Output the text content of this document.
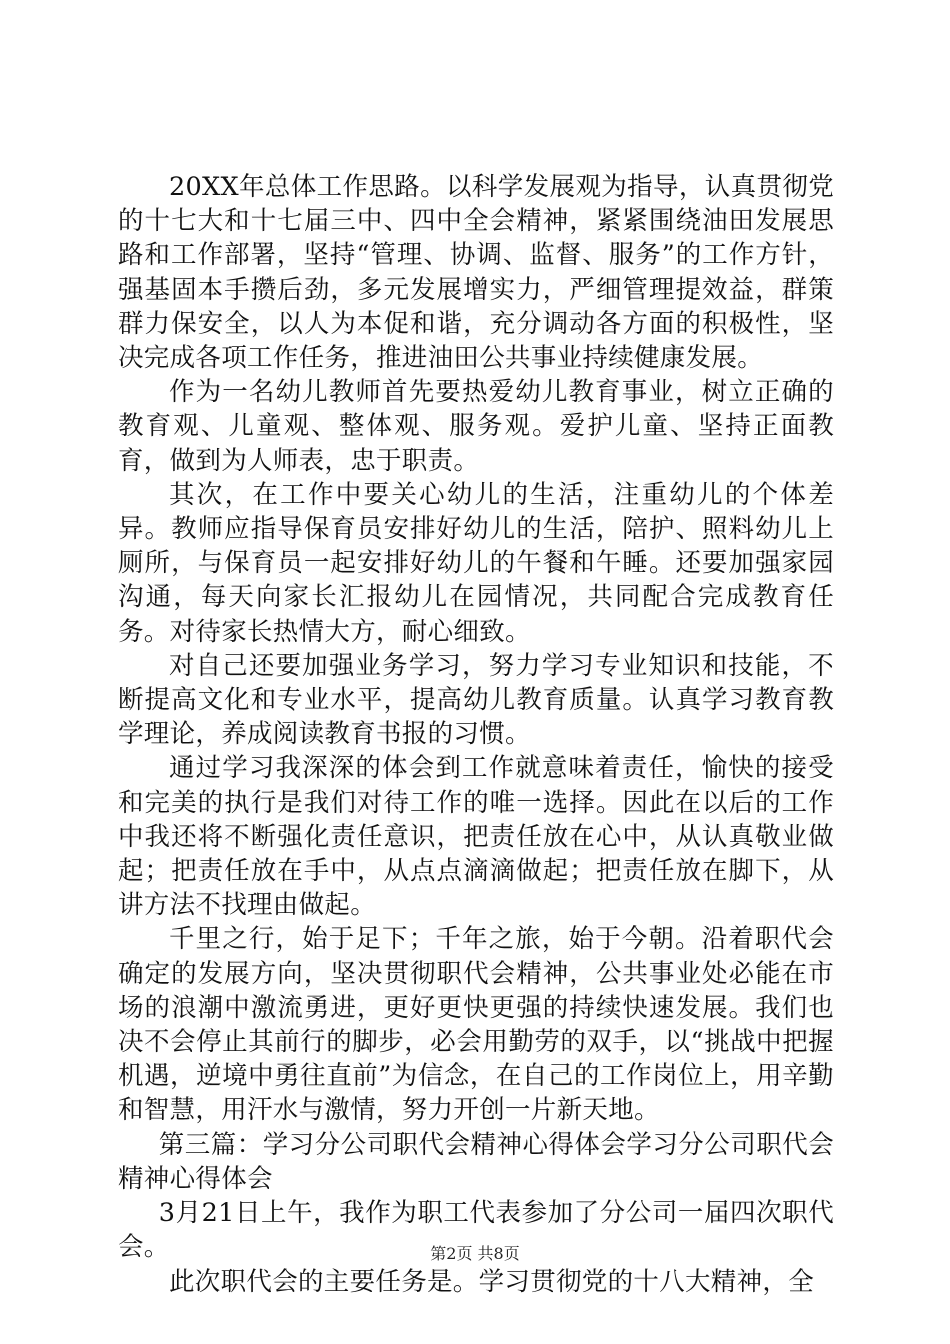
20XX年总体工作思路。以科学发展观为指导，认真贯彻党的十七大和十七届三中、四中全会精神，紧紧围绕油田发展思路和工作部署，坚持“管理、协调、监督、服务”的工作方针，强基固本手攒后劲，多元发展增实力，严细管理提效益，群策群力保安全，以人为本促和谐，充分调动各方面的积极性，坚决完成各项工作任务，推进油田公共事业持续健康发展。

作为一名幼儿教师首先要热爱幼儿教育事业，树立正确的教育观、儿童观、整体观、服务观。爱护儿童、坚持正面教育，做到为人师表，忠于职责。

其次，在工作中要关心幼儿的生活，注重幼儿的个体差异。教师应指导保育员安排好幼儿的生活，陪护、照料幼儿上厕所，与保育员一起安排好幼儿的午餐和午睡。还要加强家园沟通，每天向家长汇报幼儿在园情况，共同配合完成教育任务。对待家长热情大方，耐心细致。

对自己还要加强业务学习，努力学习专业知识和技能，不断提高文化和专业水平，提高幼儿教育质量。认真学习教育教学理论，养成阅读教育书报的习惯。

通过学习我深深的体会到工作就意味着责任，愉快的接受和完美的执行是我们对待工作的唯一选择。因此在以后的工作中我还将不断强化责任意识，把责任放在心中，从认真敬业做起；把责任放在手中，从点点滴滴做起；把责任放在脚下，从讲方法不找理由做起。

千里之行，始于足下；千年之旅，始于今朝。沿着职代会确定的发展方向，坚决贯彻职代会精神，公共事业处必能在市场的浪潮中激流勇进，更好更快更强的持续快速发展。我们也决不会停止其前行的脚步，必会用勤劳的双手，以“挑战中把握机遇，逆境中勇往直前”为信念，在自己的工作岗位上，用辛勤和智慧，用汗水与激情，努力开创一片新天地。

第三篇：学习分公司职代会精神心得体会学习分公司职代会精神心得体会

3月21日上午，我作为职工代表参加了分公司一届四次职代会。

此次职代会的主要任务是。学习贯彻党的十八大精神，全

第2页 共8页
